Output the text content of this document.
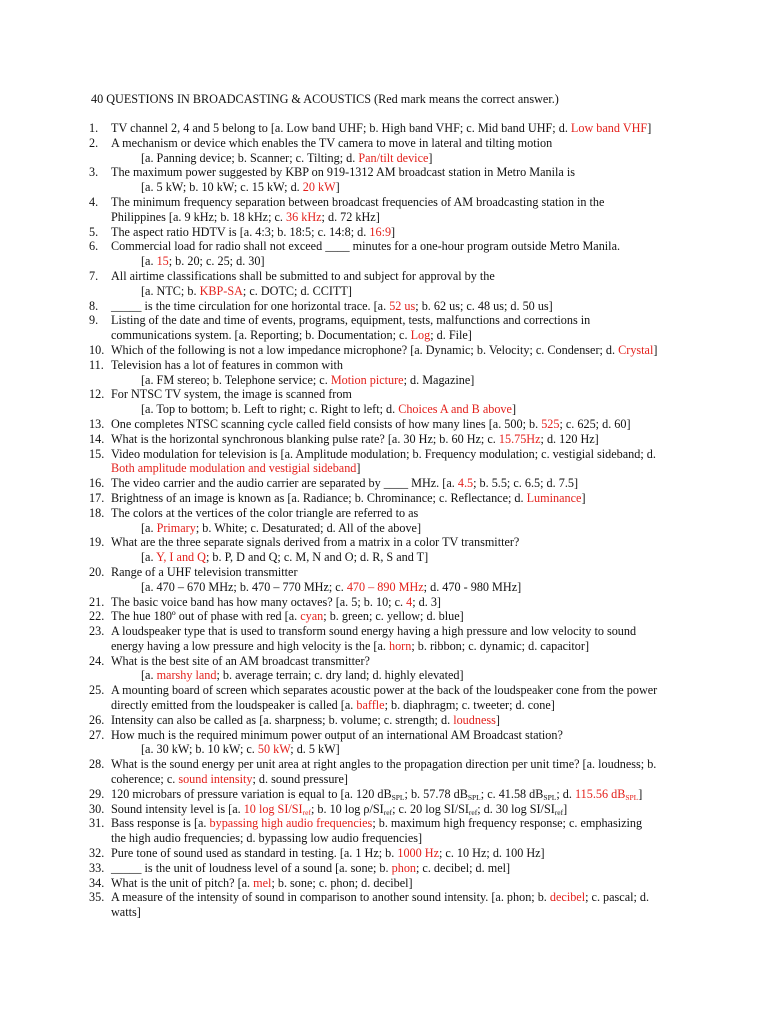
40 QUESTIONS IN BROADCASTING & ACOUSTICS (Red mark means the correct answer.)
1. TV channel 2, 4 and 5 belong to [a. Low band UHF; b. High band VHF; c. Mid band UHF; d. Low band VHF]
2. A mechanism or device which enables the TV camera to move in lateral and tilting motion
[a. Panning device; b. Scanner; c. Tilting; d. Pan/tilt device]
3. The maximum power suggested by KBP on 919-1312 AM broadcast station in Metro Manila is
[a. 5 kW; b. 10 kW; c. 15 kW; d. 20 kW]
4. The minimum frequency separation between broadcast frequencies of AM broadcasting station in the
Philippines [a. 9 kHz; b. 18 kHz; c. 36 kHz; d. 72 kHz]
5. The aspect ratio HDTV is [a. 4:3; b. 18:5; c. 14:8; d. 16:9]
6. Commercial load for radio shall not exceed ____ minutes for a one-hour program outside Metro Manila.
[a. 15; b. 20; c. 25; d. 30]
7. All airtime classifications shall be submitted to and subject for approval by the
[a. NTC; b. KBP-SA; c. DOTC; d. CCITT]
8. _____ is the time circulation for one horizontal trace. [a. 52 us; b. 62 us; c. 48 us; d. 50 us]
9. Listing of the date and time of events, programs, equipment, tests, malfunctions and corrections in
communications system. [a. Reporting; b. Documentation; c. Log; d. File]
10. Which of the following is not a low impedance microphone? [a. Dynamic; b. Velocity; c. Condenser; d. Crystal]
11. Television has a lot of features in common with
[a. FM stereo; b. Telephone service; c. Motion picture; d. Magazine]
12. For NTSC TV system, the image is scanned from
[a. Top to bottom; b. Left to right; c. Right to left; d. Choices A and B above]
13. One completes NTSC scanning cycle called field consists of how many lines [a. 500; b. 525; c. 625; d. 60]
14. What is the horizontal synchronous blanking pulse rate? [a. 30 Hz; b. 60 Hz; c. 15.75Hz; d. 120 Hz]
15. Video modulation for television is [a. Amplitude modulation; b. Frequency modulation; c. vestigial sideband; d.
Both amplitude modulation and vestigial sideband]
16. The video carrier and the audio carrier are separated by ____ MHz. [a. 4.5; b. 5.5; c. 6.5; d. 7.5]
17. Brightness of an image is known as [a. Radiance; b. Chrominance; c. Reflectance; d. Luminance]
18. The colors at the vertices of the color triangle are referred to as
[a. Primary; b. White; c. Desaturated; d. All of the above]
19. What are the three separate signals derived from a matrix in a color TV transmitter?
[a. Y, I and Q; b. P, D and Q; c. M, N and O; d. R, S and T]
20. Range of a UHF television transmitter
[a. 470 – 670 MHz; b. 470 – 770 MHz; c. 470 – 890 MHz; d. 470 - 980 MHz]
21. The basic voice band has how many octaves? [a. 5; b. 10; c. 4; d. 3]
22. The hue 180º out of phase with red [a. cyan; b. green; c. yellow; d. blue]
23. A loudspeaker type that is used to transform sound energy having a high pressure and low velocity to sound
energy having a low pressure and high velocity is the [a. horn; b. ribbon; c. dynamic; d. capacitor]
24. What is the best site of an AM broadcast transmitter?
[a. marshy land; b. average terrain; c. dry land; d. highly elevated]
25. A mounting board of screen which separates acoustic power at the back of the loudspeaker cone from the power
directly emitted from the loudspeaker is called [a. baffle; b. diaphragm; c. tweeter; d. cone]
26. Intensity can also be called as [a. sharpness; b. volume; c. strength; d. loudness]
27. How much is the required minimum power output of an international AM Broadcast station?
[a. 30 kW; b. 10 kW; c. 50 kW; d. 5 kW]
28. What is the sound energy per unit area at right angles to the propagation direction per unit time? [a. loudness; b.
coherence; c. sound intensity; d. sound pressure]
29. 120 microbars of pressure variation is equal to [a. 120 $dB_{SPL}$; b. 57.78 $dB_{SPL}$; c. 41.58 $dB_{SPL}$; d. 115.56 $dB_{SPL}$]
30. Sound intensity level is [a. 10 $\log SI/SI_{ref}$; b. 10 $\log \rho/SI_{ref}$; c. 20 $\log SI/SI_{ref}$; d. 30 $\log SI/SI_{ref}$]
31. Bass response is [a. bypassing high audio frequencies; b. maximum high frequency response; c. emphasizing
the high audio frequencies; d. bypassing low audio frequencies]
32. Pure tone of sound used as standard in testing. [a. 1 Hz; b. 1000 Hz; c. 10 Hz; d. 100 Hz]
33. _____ is the unit of loudness level of a sound [a. sone; b. phon; c. decibel; d. mel]
34. What is the unit of pitch? [a. mel; b. sone; c. phon; d. decibel]
35. A measure of the intensity of sound in comparison to another sound intensity. [a. phon; b. decibel; c. pascal; d.
watts]
